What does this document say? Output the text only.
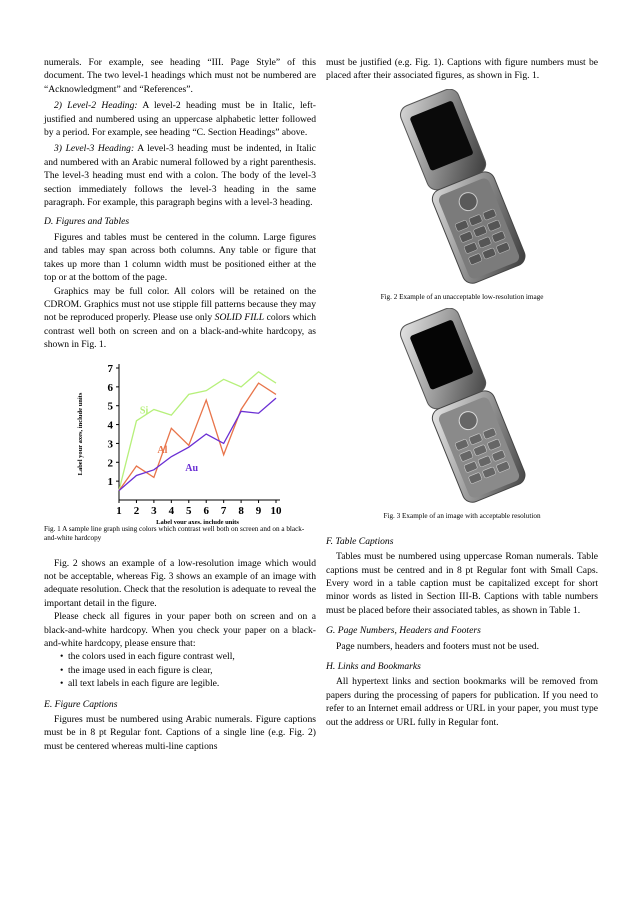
numerals. For example, see heading “III. Page Style” of this document. The two level-1 headings which must not be numbered are “Acknowledgment” and “References”.

2) Level-2 Heading: A level-2 heading must be in Italic, left-justified and numbered using an uppercase alphabetic letter followed by a period. For example, see heading “C. Section Headings” above.

3) Level-3 Heading: A level-3 heading must be indented, in Italic and numbered with an Arabic numeral followed by a right parenthesis. The level-3 heading must end with a colon. The body of the level-3 section immediately follows the level-3 heading in the same paragraph. For example, this paragraph begins with a level-3 heading.

D. Figures and Tables

Figures and tables must be centered in the column. Large figures and tables may span across both columns. Any table or figure that takes up more than 1 column width must be positioned either at the top or at the bottom of the page.

Graphics may be full color. All colors will be retained on the CDROM. Graphics must not use stipple fill patterns because they may not be reproduced properly. Please use only SOLID FILL colors which contrast well both on screen and on a black-and-white hardcopy, as shown in Fig. 1.

1
2
3
4
5
6
7
1 2 3 4 5 6 7 8 9 10
Label your axes, include units
Label your axes, include units	Si
Al
Au
Fig. 1 A sample line graph using colors which contrast well both on screen and on a black-and-white hardcopy

Fig. 2 shows an example of a low-resolution image which would not be acceptable, whereas Fig. 3 shows an example of an image with adequate resolution. Check that the resolution is adequate to reveal the important detail in the figure.

Please check all figures in your paper both on screen and on a black-and-white hardcopy. When you check your paper on a black-and-white hardcopy, please ensure that:

• the colors used in each figure contrast well,
• the image used in each figure is clear,
• all text labels in each figure are legible.
E. Figure Captions

Figures must be numbered using Arabic numerals. Figure captions must be in 8 pt Regular font. Captions of a single line (e.g. Fig. 2) must be centered whereas multi-line captions

must be justified (e.g. Fig. 1). Captions with figure numbers must be placed after their associated figures, as shown in Fig. 1.

Fig. 2 Example of an unacceptable low-resolution image
Fig. 3 Example of an image with acceptable resolution
F. Table Captions

Tables must be numbered using uppercase Roman numerals. Table captions must be centred and in 8 pt Regular font with Small Caps. Every word in a table caption must be capitalized except for short minor words as listed in Section III-B. Captions with table numbers must be placed before their associated tables, as shown in Table 1.

G. Page Numbers, Headers and Footers

Page numbers, headers and footers must not be used.

H. Links and Bookmarks

All hypertext links and section bookmarks will be removed from papers during the processing of papers for publication. If you need to refer to an Internet email address or URL in your paper, you must type out the address or URL fully in Regular font.
